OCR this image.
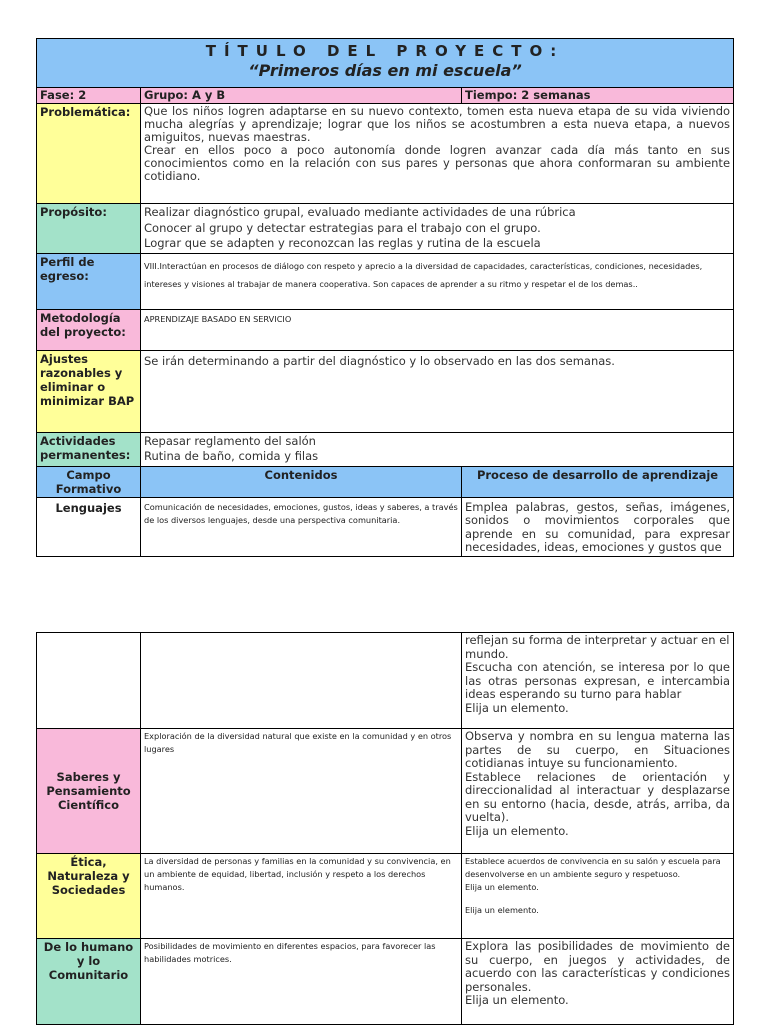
TÍTULO DEL PROYECTO:
“Primeros días en mi escuela”		

Fase: 2	Grupo: A y B	Tiempo: 2 semanas
Problemática:	Que los niños logren adaptarse en su nuevo contexto, tomen esta nueva etapa de su vida viviendo mucha alegrías y aprendizaje; lograr que los niños se acostumbren a esta nueva etapa, a nuevos amiguitos, nuevas maestras.
Crear en ellos poco a poco autonomía donde logren avanzar cada día más tanto en sus conocimientos como en la relación con sus pares y personas que ahora conformaran su ambiente cotidiano.	

Propósito:	Realizar diagnóstico grupal, evaluado mediante actividades de una rúbrica
Conocer al grupo y detectar estrategias para el trabajo con el grupo.
Lograr que se adapten y reconozcan las reglas y rutina de la escuela	

Perfil de egreso:	VIII.Interactúan en procesos de diálogo con respeto y aprecio a la diversidad de capacidades, características, condiciones, necesidades, intereses y visiones al trabajar de manera cooperativa. Son capaces de aprender a su ritmo y respetar el de los demas..	
Metodología del proyecto:	APRENDIZAJE BASADO EN SERVICIO	
Ajustes razonables y eliminar o minimizar BAP	Se irán determinando a partir del diagnóstico y lo observado en las dos semanas.	
Actividades permanentes:	Repasar reglamento del salón
Rutina de baño, comida y filas	

Campo Formativo	Contenidos	Proceso de desarrollo de aprendizaje
Lenguajes	Comunicación de necesidades, emociones, gustos, ideas y saberes, a través de los diversos lenguajes, desde una perspectiva comunitaria.	Emplea palabras, gestos, señas, imágenes, sonidos o movimientos corporales que aprende en su comunidad, para expresar necesidades, ideas, emociones y gustos que

		reflejan su forma de interpretar y actuar en el mundo.
Escucha con atención, se interesa por lo que las otras personas expresan, e intercambia ideas esperando su turno para hablar
Elija un elemento.

Saberes y Pensamiento Científico	Exploración de la diversidad natural que existe en la comunidad y en otros lugares	Observa y nombra en su lengua materna las partes de su cuerpo, en Situaciones cotidianas intuye su funcionamiento.
Establece relaciones de orientación y direccionalidad al interactuar y desplazarse en su entorno (hacia, desde, atrás, arriba, da vuelta).
Elija un elemento.

Ética, Naturaleza y Sociedades	La diversidad de personas y familias en la comunidad y su convivencia, en un ambiente de equidad, libertad, inclusión y respeto a los derechos humanos.	Establece acuerdos de convivencia en su salón y escuela para desenvolverse en un ambiente seguro y respetuoso.
Elija un elemento.
Elija un elemento.

De lo humano y lo Comunitario	Posibilidades de movimiento en diferentes espacios, para favorecer las habilidades motrices.	Explora las posibilidades de movimiento de su cuerpo, en juegos y actividades, de acuerdo con las características y condiciones personales.
Elija un elemento.
